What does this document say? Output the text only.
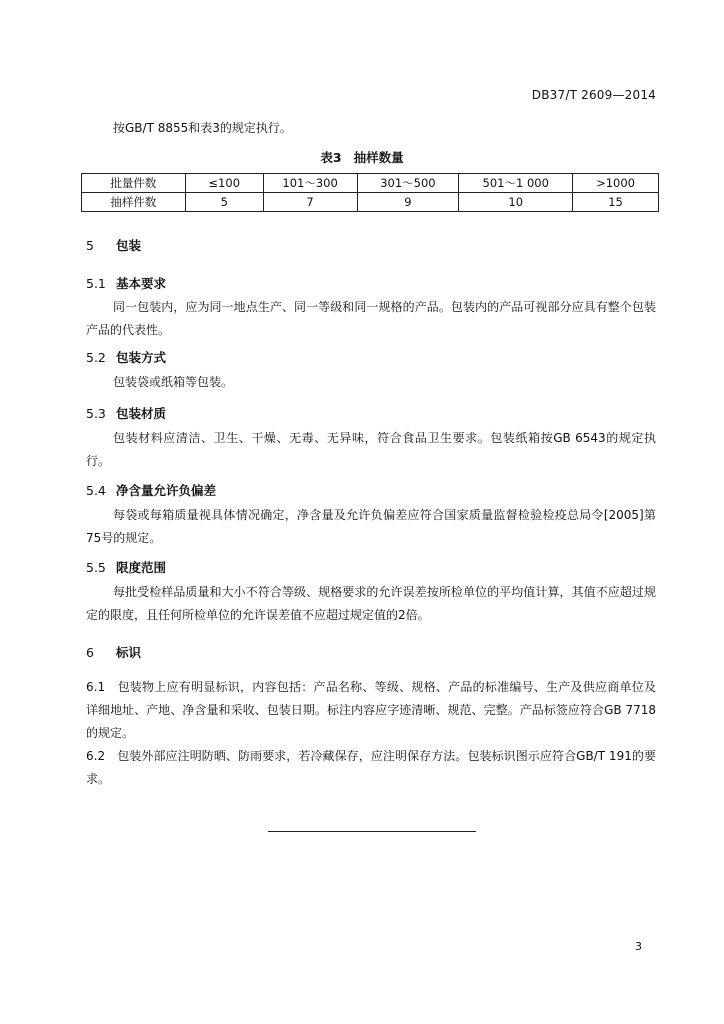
DB37/T 2609—2014
按GB/T 8855和表3的规定执行。
表3 抽样数量
批量件数	≤100	101～300	301～500	501～1 000	>1000
抽样件数	5	7	9	10	15
5 包装
5.1 基本要求
同一包装内，应为同一地点生产、同一等级和同一规格的产品。包装内的产品可视部分应具有整个包装产品的代表性。
5.2 包装方式
包装袋或纸箱等包装。
5.3 包装材质
包装材料应清洁、卫生、干燥、无毒、无异味，符合食品卫生要求。包装纸箱按GB 6543的规定执行。
5.4 净含量允许负偏差
每袋或每箱质量视具体情况确定，净含量及允许负偏差应符合国家质量监督检验检疫总局令[2005]第75号的规定。
5.5 限度范围
每批受检样品质量和大小不符合等级、规格要求的允许误差按所检单位的平均值计算，其值不应超过规定的限度，且任何所检单位的允许误差值不应超过规定值的2倍。
6 标识
6.1　包装物上应有明显标识，内容包括：产品名称、等级、规格、产品的标准编号、生产及供应商单位及详细地址、产地、净含量和采收、包装日期。标注内容应字迹清晰、规范、完整。产品标签应符合GB 7718的规定。
6.2　包装外部应注明防晒、防雨要求，若冷藏保存，应注明保存方法。包装标识图示应符合GB/T 191的要求。
3
